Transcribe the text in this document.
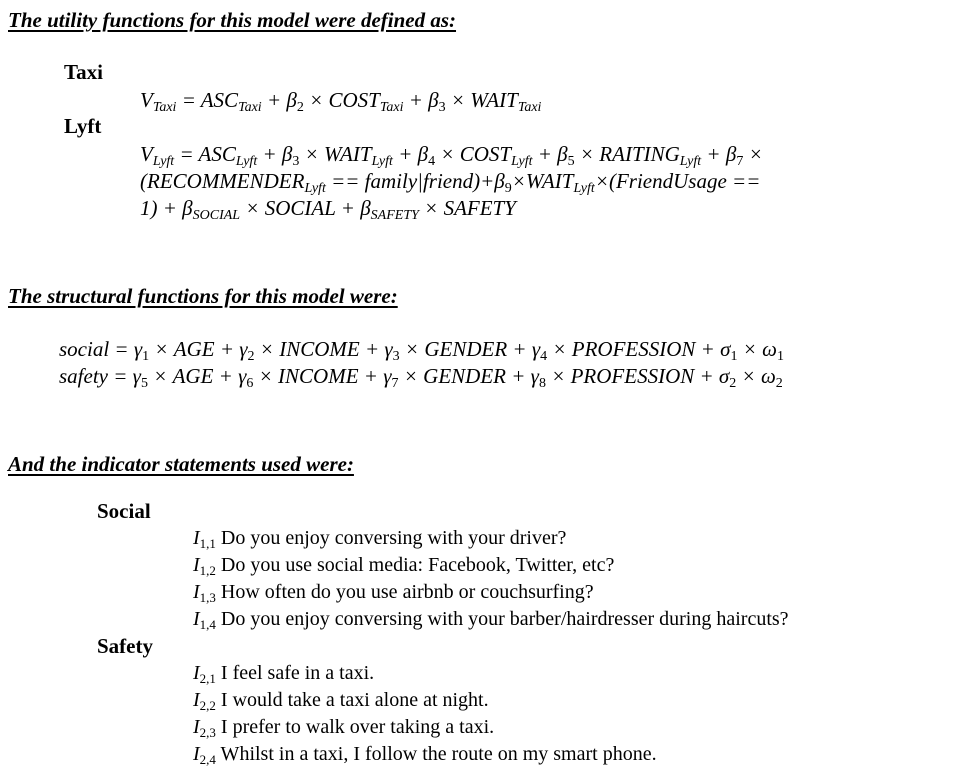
The utility functions for this model were defined as:
Taxi
$V_{Taxi} = ASC_{Taxi} + \beta_2$ × $COST_{Taxi} + \beta_3$ × $WAIT_{Taxi}$
Lyft
$V_{Lyft} = ASC_{Lyft} + \beta_3$ × $WAIT_{Lyft} + \beta_4$ × $COST_{Lyft} + \beta_5$ × $RAITING_{Lyft} + \beta_7$ ×
($RECOMMENDER_{Lyft}$ == $family|friend)+\beta_9\times WAIT_{Lyft}\times(FriendUsage$ ==
$1) + \beta_{SOCIAL}$ × SOCIAL + $\beta_{SAFETY}$ × SAFETY
The structural functions for this model were:
social = $\gamma_1$ × AGE + $\gamma_2$ × INCOME + $\gamma_3$ × GENDER + $\gamma_4$ × PROFESSION + $\sigma_1 \times \omega_1$
safety = $\gamma_5$ × AGE + $\gamma_6$ × INCOME + $\gamma_7$ × GENDER + $\gamma_8$ × PROFESSION + $\sigma_2 \times \omega_2$
And the indicator statements used were:
Social
$I_{1,1}$ Do you enjoy conversing with your driver?
$I_{1,2}$ Do you use social media: Facebook, Twitter, etc?
$I_{1,3}$ How often do you use airbnb or couchsurfing?
$I_{1,4}$ Do you enjoy conversing with your barber/hairdresser during haircuts?
Safety
$I_{2,1}$ I feel safe in a taxi.
$I_{2,2}$ I would take a taxi alone at night.
$I_{2,3}$ I prefer to walk over taking a taxi.
$I_{2,4}$ Whilst in a taxi, I follow the route on my smart phone.
